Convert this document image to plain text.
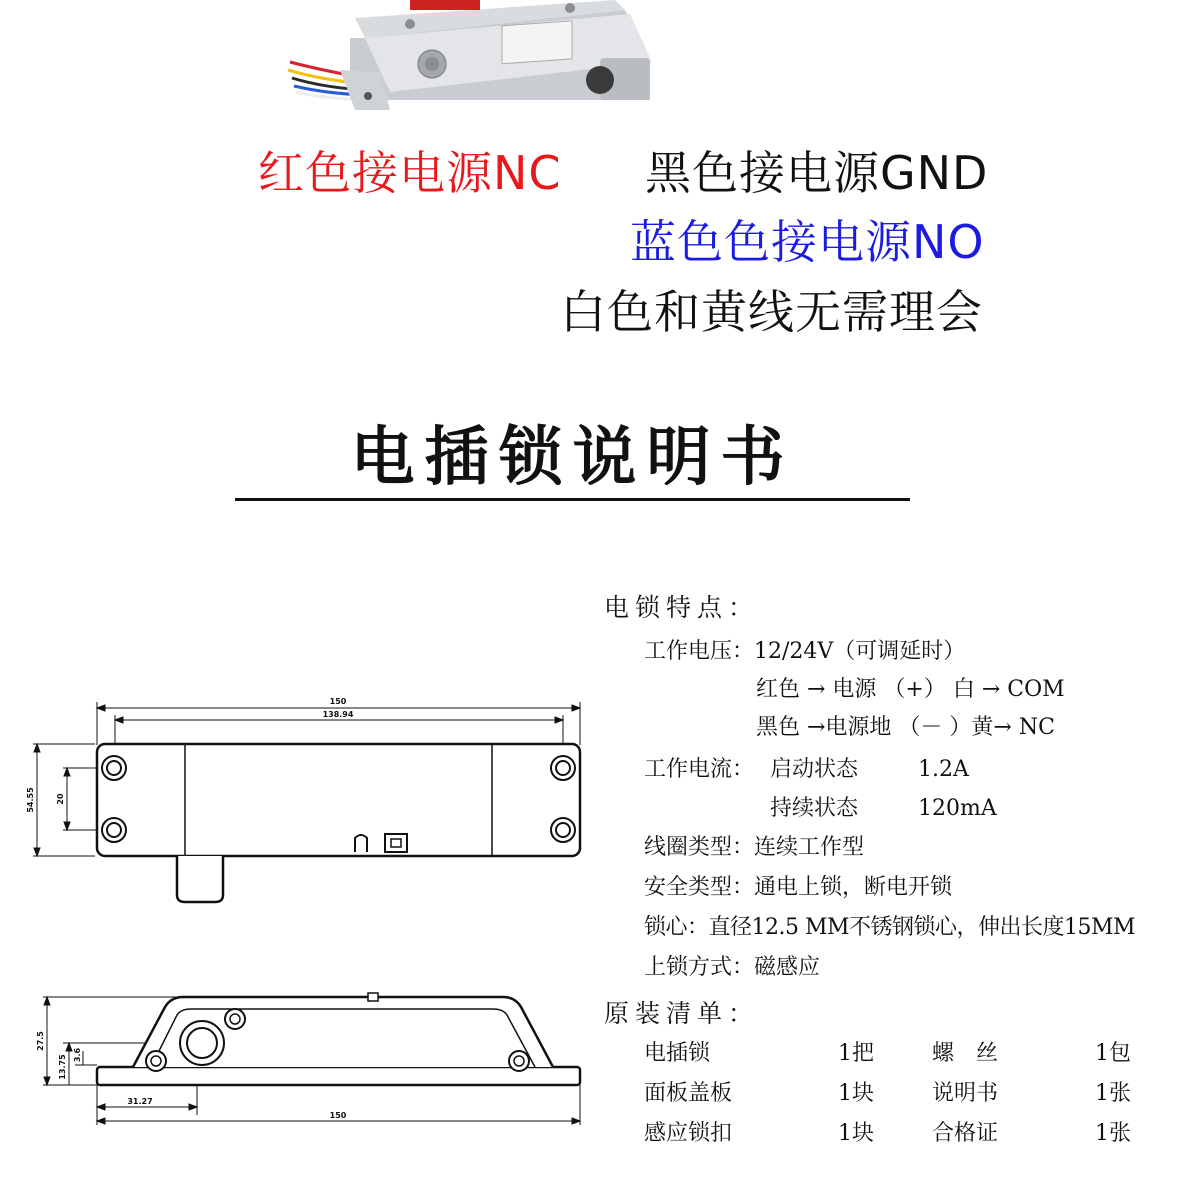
红色接电源NC 黑色接电源GND
蓝色色接电源NO
白色和黄线无需理会
电插锁说明书
150
138.94
54.55	20
27.5
13.75 3.6
31.27
150
电锁特点：
工作电压：12/24V（可调延时）
红色 → 电源 （+） 白 → COM
黑色 →电源地 （－ ）黄→ NC
工作电流： 启动状态	1.2A
持续状态	120mA
线圈类型：连续工作型
安全类型：通电上锁，断电开锁
锁心：直径12.5 MM不锈钢锁心，伸出长度15MM
上锁方式：磁感应
原装清单：
电插锁	1把	螺　丝	1包
面板盖板	1块	说明书	1张
感应锁扣	1块	合格证	1张
